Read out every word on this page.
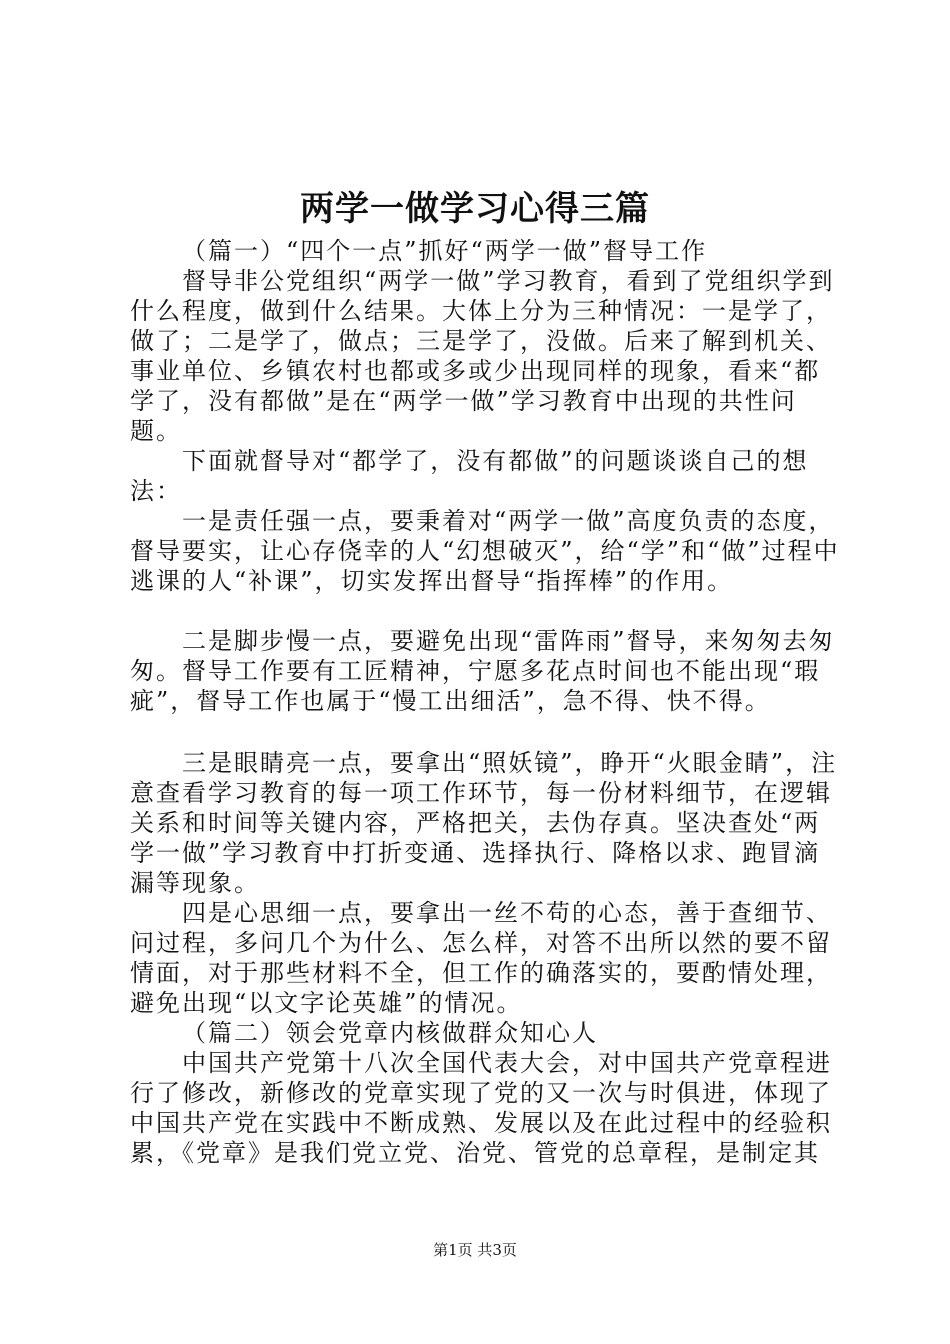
两学一做学习心得三篇

（篇一）“四个一点”抓好“两学一做”督导工作

督导非公党组织“两学一做”学习教育，看到了党组织学到什么程度，做到什么结果。大体上分为三种情况：一是学了，做了；二是学了，做点；三是学了，没做。后来了解到机关、事业单位、乡镇农村也都或多或少出现同样的现象，看来“都学了，没有都做”是在“两学一做”学习教育中出现的共性问题。

下面就督导对“都学了，没有都做”的问题谈谈自己的想法：

一是责任强一点，要秉着对“两学一做”高度负责的态度，督导要实，让心存侥幸的人“幻想破灭”，给“学”和“做”过程中逃课的人“补课”，切实发挥出督导“指挥棒”的作用。

二是脚步慢一点，要避免出现“雷阵雨”督导，来匆匆去匆匆。督导工作要有工匠精神，宁愿多花点时间也不能出现“瑕疵”，督导工作也属于“慢工出细活”，急不得、快不得。

三是眼睛亮一点，要拿出“照妖镜”，睁开“火眼金睛”，注意查看学习教育的每一项工作环节，每一份材料细节，在逻辑关系和时间等关键内容，严格把关，去伪存真。坚决查处“两学一做”学习教育中打折变通、选择执行、降格以求、跑冒滴漏等现象。

四是心思细一点，要拿出一丝不苟的心态，善于查细节、问过程，多问几个为什么、怎么样，对答不出所以然的要不留情面，对于那些材料不全，但工作的确落实的，要酌情处理，避免出现“以文字论英雄”的情况。

（篇二）领会党章内核做群众知心人

中国共产党第十八次全国代表大会，对中国共产党章程进行了修改，新修改的党章实现了党的又一次与时俱进，体现了中国共产党在实践中不断成熟、发展以及在此过程中的经验积累，《党章》是我们党立党、治党、管党的总章程，是制定其

第1页 共3页
